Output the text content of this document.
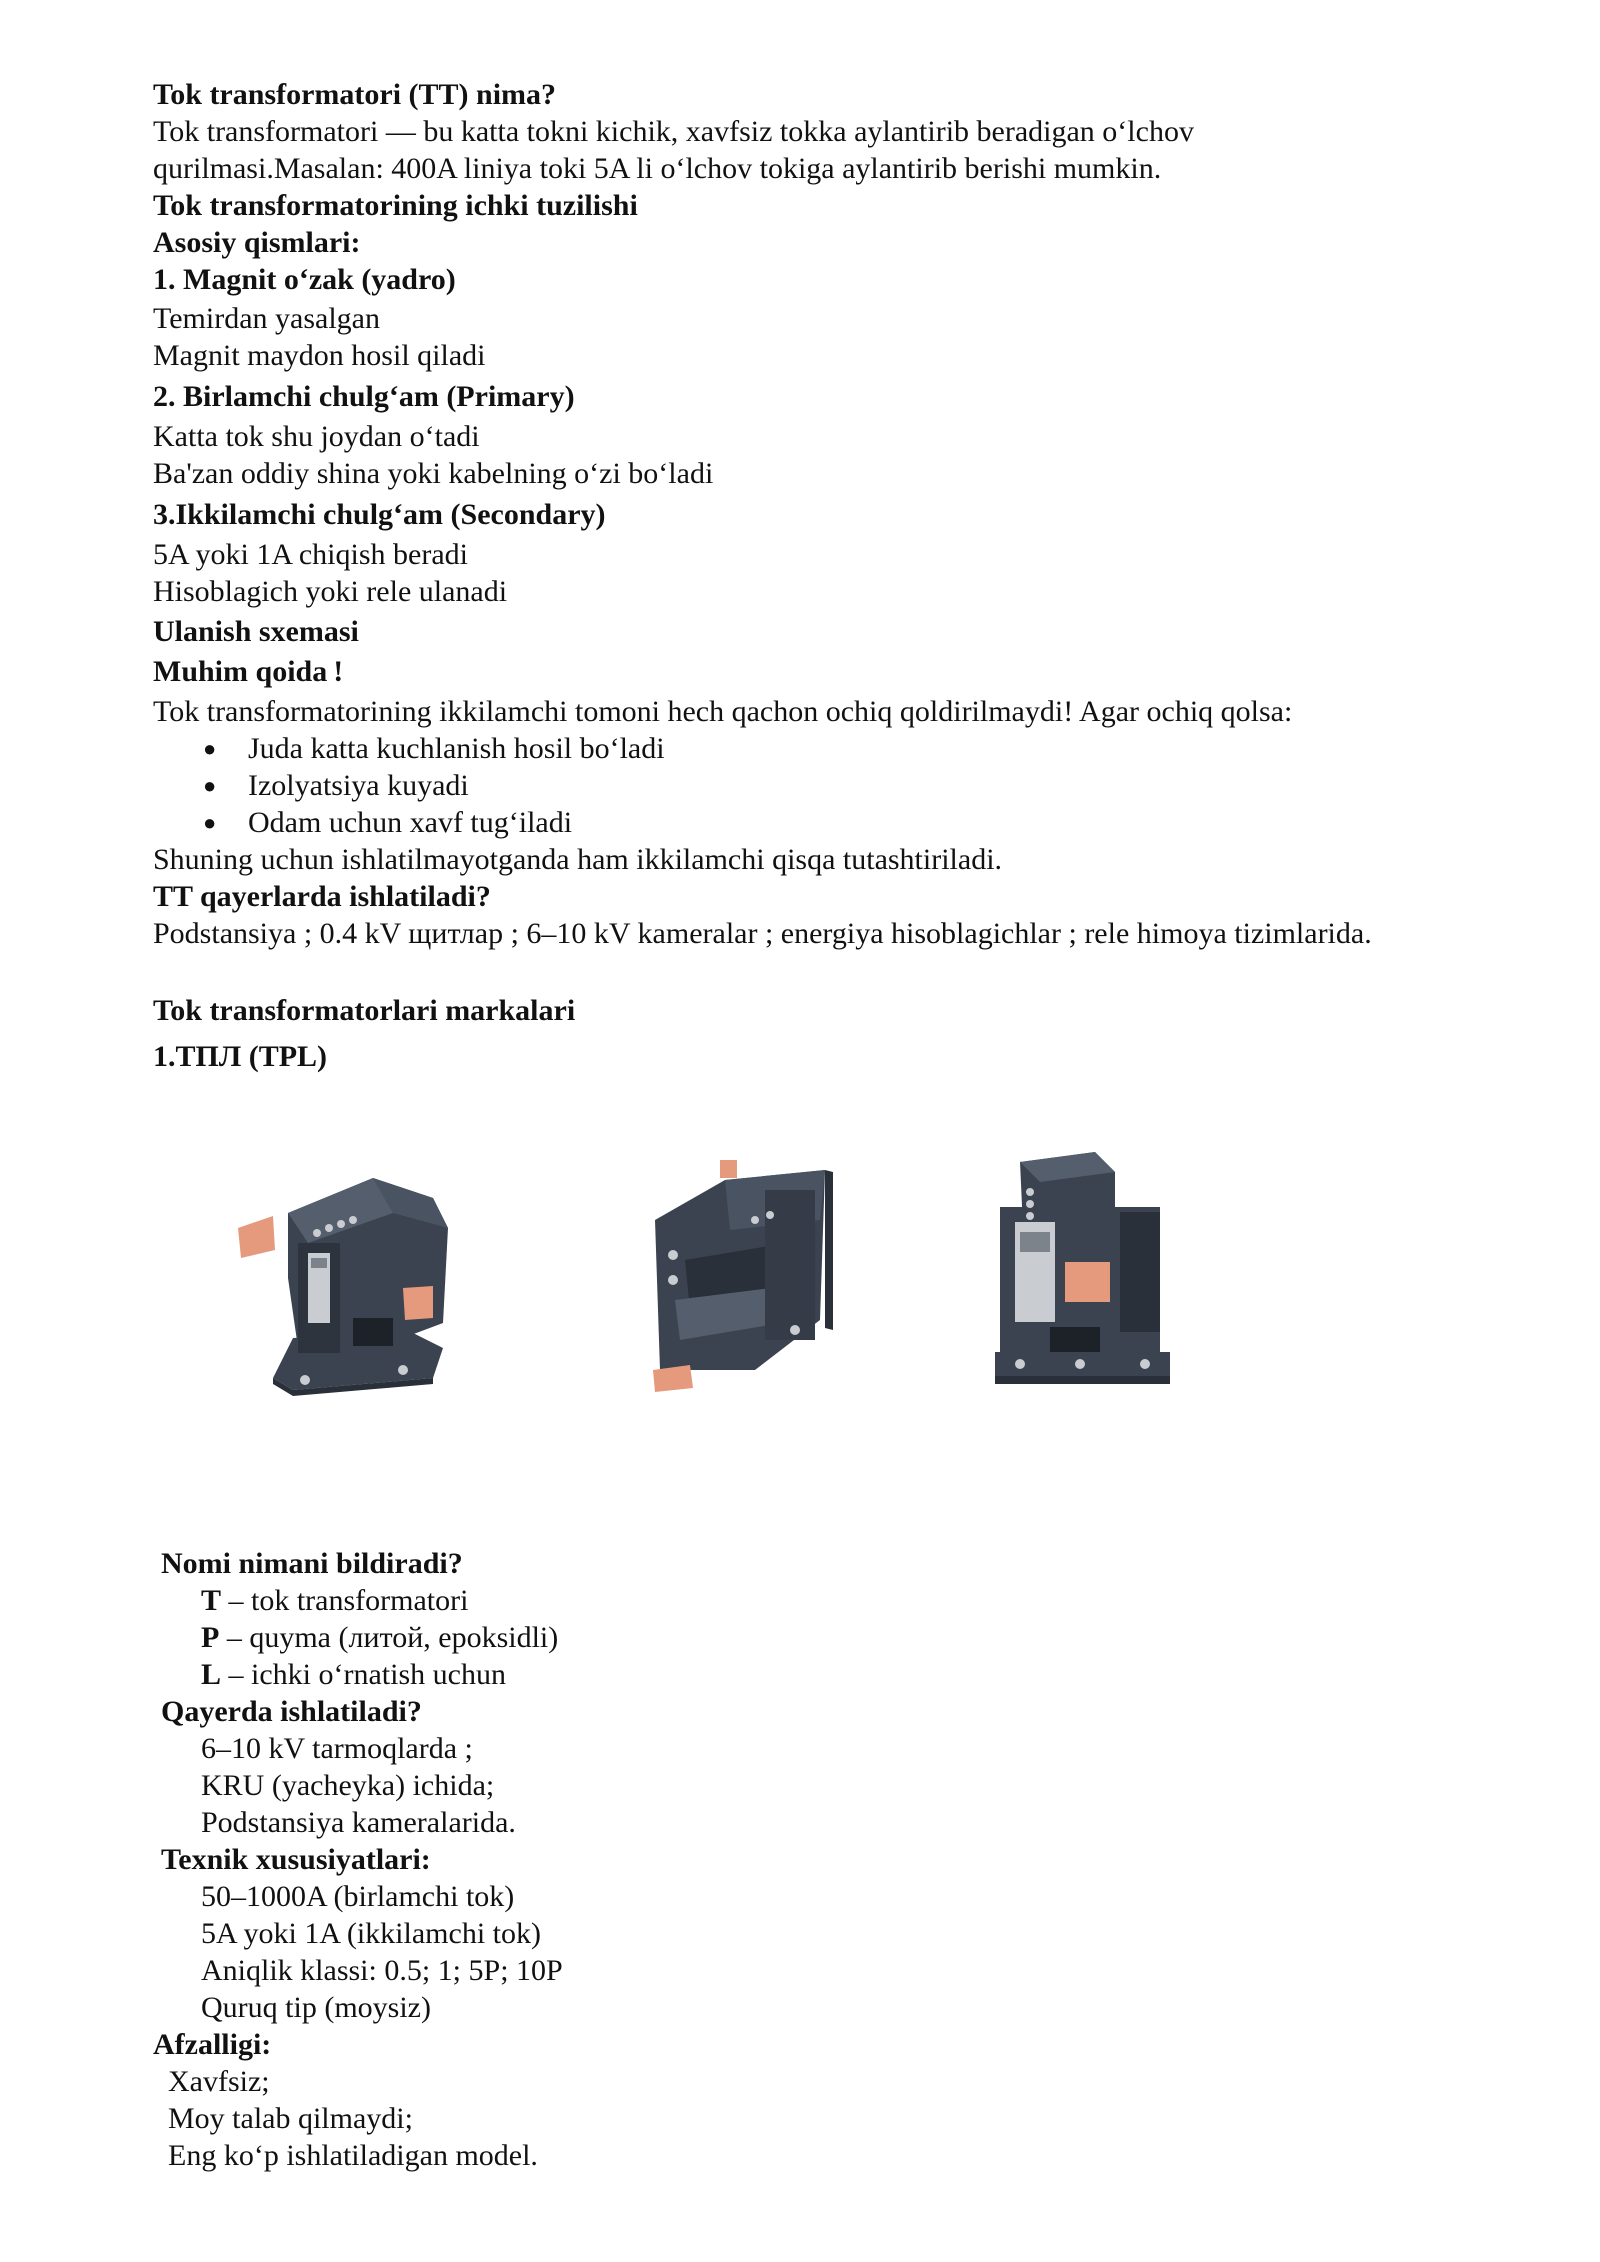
Tok transformatori (TT) nima?

Tok transformatori — bu katta tokni kichik, xavfsiz tokka aylantirib beradigan o‘lchov

qurilmasi.Masalan: 400A liniya toki 5A li o‘lchov tokiga aylantirib berishi mumkin.

Tok transformatorining ichki tuzilishi

Asosiy qismlari:

1. Magnit o‘zak (yadro)

Temirdan yasalgan

Magnit maydon hosil qiladi

2. Birlamchi chulg‘am (Primary)

Katta tok shu joydan o‘tadi

Ba'zan oddiy shina yoki kabelning o‘zi bo‘ladi

3.Ikkilamchi chulg‘am (Secondary)

5A yoki 1A chiqish beradi

Hisoblagich yoki rele ulanadi

Ulanish sxemasi

Muhim qoida !

Tok transformatorining ikkilamchi tomoni hech qachon ochiq qoldirilmaydi! Agar ochiq qolsa:

● Juda katta kuchlanish hosil bo‘ladi

● Izolyatsiya kuyadi

● Odam uchun xavf tug‘iladi

Shuning uchun ishlatilmayotganda ham ikkilamchi qisqa tutashtiriladi.

TT qayerlarda ishlatiladi?

Podstansiya ; 0.4 kV щитлар ; 6–10 kV kameralar ; energiya hisoblagichlar ; rele himoya tizimlarida.

Tok transformatorlari markalari

1.ТПЛ (TPL)

Nomi nimani bildiradi?

T – tok transformatori

P – quyma (литой, epoksidli)

L – ichki o‘rnatish uchun

Qayerda ishlatiladi?

6–10 kV tarmoqlarda ;

KRU (yacheyka) ichida;

Podstansiya kameralarida.

Texnik xususiyatlari:

50–1000A (birlamchi tok)

5A yoki 1A (ikkilamchi tok)

Aniqlik klassi: 0.5; 1; 5P; 10P

Quruq tip (moysiz)

Afzalligi:

Xavfsiz;

Moy talab qilmaydi;

Eng ko‘p ishlatiladigan model.
